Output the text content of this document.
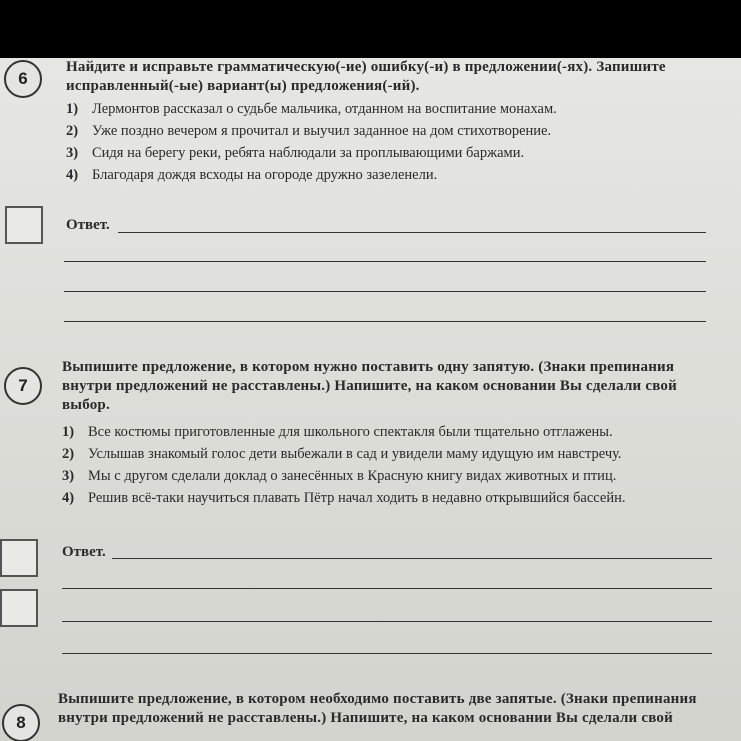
6
Найдите и исправьте грамматическую(-ие) ошибку(-и) в предложении(-ях). Запишите исправленный(-ые) вариант(ы) предложения(-ий).
1) Лермонтов рассказал о судьбе мальчика, отданном на воспитание монахам.
2) Уже поздно вечером я прочитал и выучил заданное на дом стихотворение.
3) Сидя на берегу реки, ребята наблюдали за проплывающими баржами.
4) Благодаря дождя всходы на огороде дружно зазеленели.
Ответ.
7
Выпишите предложение, в котором нужно поставить одну запятую. (Знаки препинания внутри предложений не расставлены.) Напишите, на каком основании Вы сделали свой выбор.
1) Все костюмы приготовленные для школьного спектакля были тщательно отглажены.
2) Услышав знакомый голос дети выбежали в сад и увидели маму идущую им навстречу.
3) Мы с другом сделали доклад о занесённых в Красную книгу видах животных и птиц.
4) Решив всё-таки научиться плавать Пётр начал ходить в недавно открывшийся бассейн.
Ответ.
8
Выпишите предложение, в котором необходимо поставить две запятые. (Знаки препинания внутри предложений не расставлены.) Напишите, на каком основании Вы сделали свой
